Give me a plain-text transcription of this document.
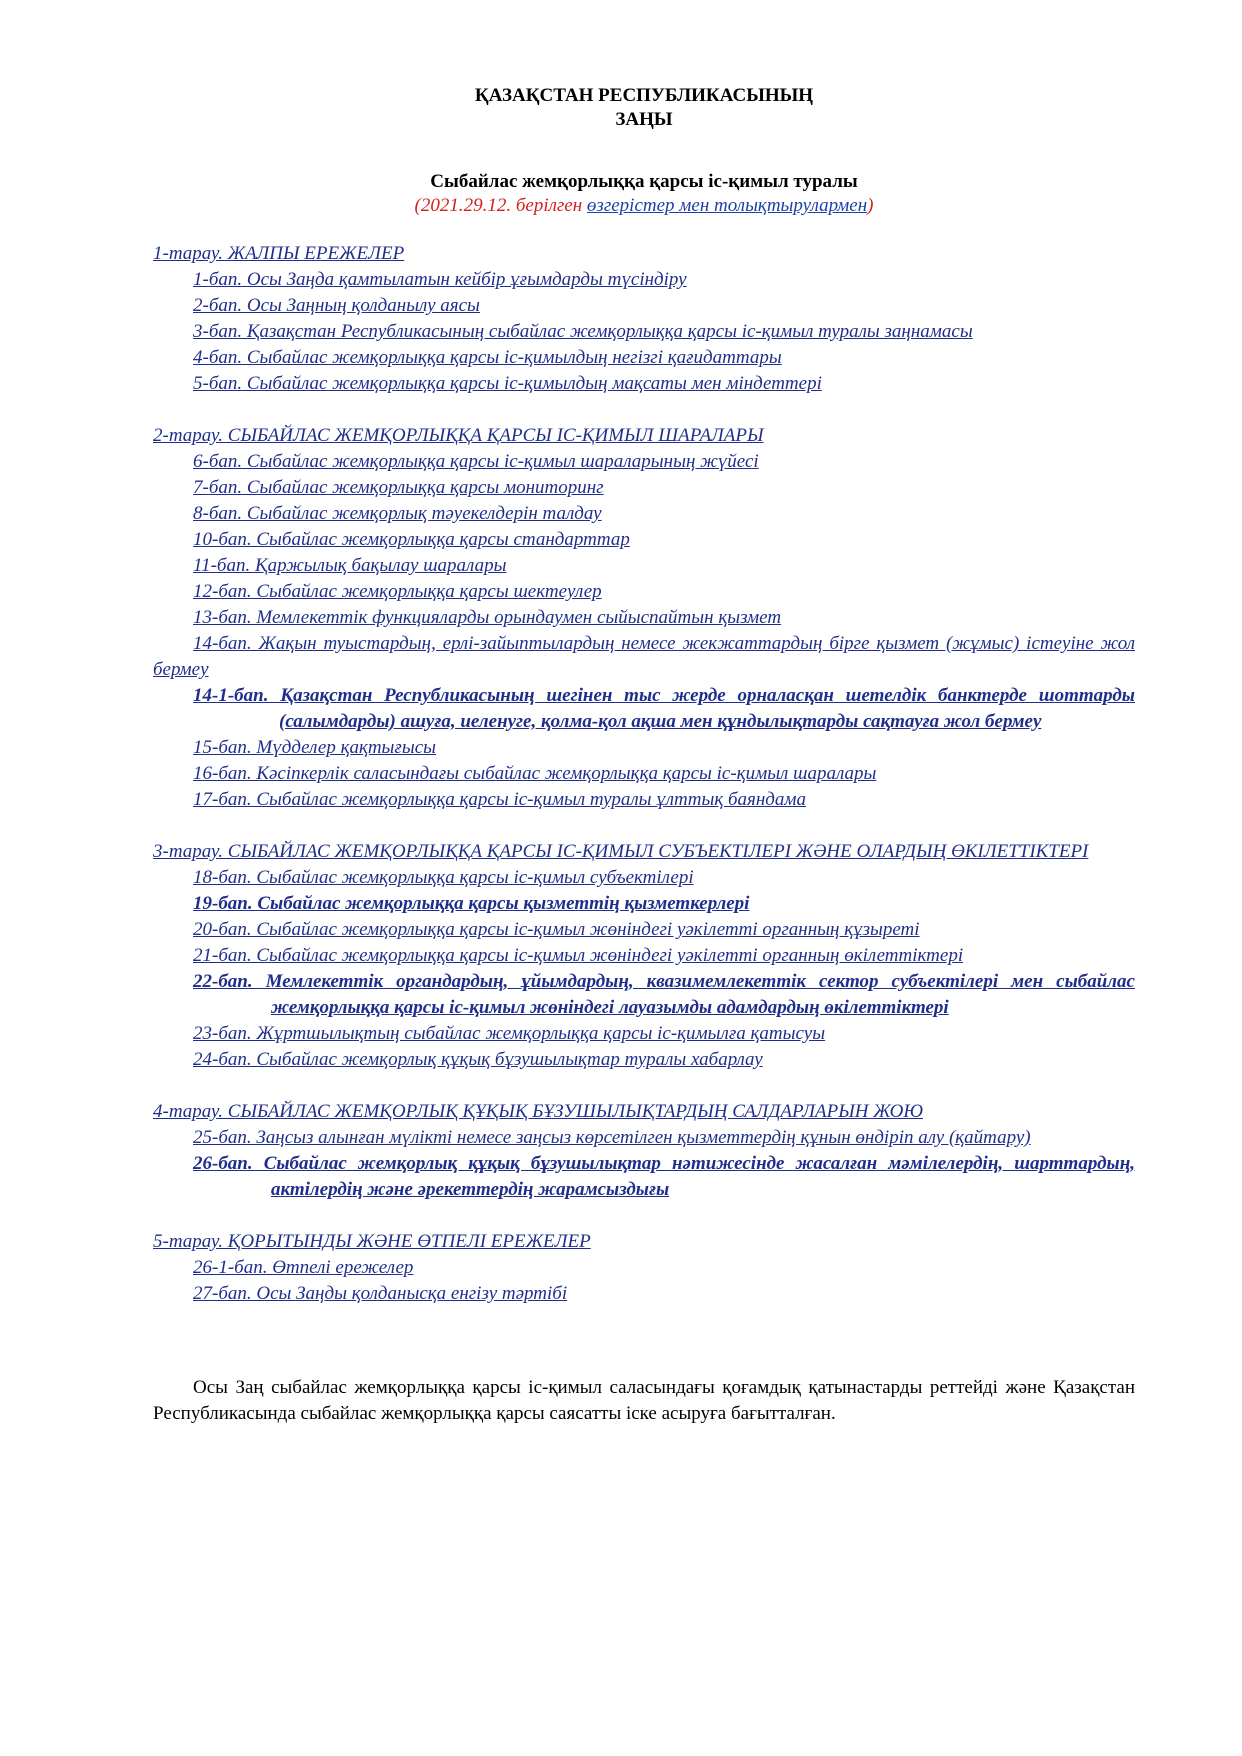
ҚАЗАҚСТАН РЕСПУБЛИКАСЫНЫҢ

ЗАҢЫ

Сыбайлас жемқорлыққа қарсы іс-қимыл туралы
(2021.29.12. берілген өзгерістер мен толықтырулармен)
1-тарау. ЖАЛПЫ ЕРЕЖЕЛЕР
1-бап. Осы Заңда қамтылатын кейбір ұғымдарды түсіндіру
2-бап. Осы Заңның қолданылу аясы
3-бап. Қазақстан Республикасының сыбайлас жемқорлыққа қарсы іс-қимыл туралы заңнамасы
4-бап. Сыбайлас жемқорлыққа қарсы іс-қимылдың негізгі қағидаттары
5-бап. Сыбайлас жемқорлыққа қарсы іс-қимылдың мақсаты мен міндеттері
2-тарау. СЫБАЙЛАС ЖЕМҚОРЛЫҚҚА ҚАРСЫ ІС-ҚИМЫЛ ШАРАЛАРЫ
6-бап. Сыбайлас жемқорлыққа қарсы іс-қимыл шараларының жүйесі
7-бап. Сыбайлас жемқорлыққа қарсы мониторинг
8-бап. Сыбайлас жемқорлық тәуекелдерін талдау
10-бап. Сыбайлас жемқорлыққа қарсы стандарттар
11-бап. Қаржылық бақылау шаралары
12-бап. Сыбайлас жемқорлыққа қарсы шектеулер
13-бап. Мемлекеттік функцияларды орындаумен сыйыспайтын қызмет
14-бап. Жақын туыстардың, ерлі-зайыптылардың немесе жекжаттардың бірге қызмет (жұмыс) істеуіне жол бермеу
14-1-бап. Қазақстан Республикасының шегінен тыс жерде орналасқан шетелдік банктерде шоттарды (салымдарды) ашуға, иеленуге, қолма-қол ақша мен құндылықтарды сақтауға жол бермеу
15-бап. Мүдделер қақтығысы
16-бап. Кәсіпкерлік саласындағы сыбайлас жемқорлыққа қарсы іс-қимыл шаралары
17-бап. Сыбайлас жемқорлыққа қарсы іс-қимыл туралы ұлттық баяндама
3-тарау. СЫБАЙЛАС ЖЕМҚОРЛЫҚҚА ҚАРСЫ ІС-ҚИМЫЛ СУБЪЕКТІЛЕРІ ЖӘНЕ ОЛАРДЫҢ ӨКІЛЕТТІКТЕРІ
18-бап. Сыбайлас жемқорлыққа қарсы іс-қимыл субъектілері
19-бап. Сыбайлас жемқорлыққа қарсы қызметтің қызметкерлері
20-бап. Сыбайлас жемқорлыққа қарсы іс-қимыл жөніндегі уәкілетті органның құзыреті
21-бап. Сыбайлас жемқорлыққа қарсы іс-қимыл жөніндегі уәкілетті органның өкілеттіктері
22-бап. Мемлекеттік органдардың, ұйымдардың, квазимемлекеттік сектор субъектілері мен сыбайлас жемқорлыққа қарсы іс-қимыл жөніндегі лауазымды адамдардың өкілеттіктері
23-бап. Жұртшылықтың сыбайлас жемқорлыққа қарсы іс-қимылға қатысуы
24-бап. Сыбайлас жемқорлық құқық бұзушылықтар туралы хабарлау
4-тарау. СЫБАЙЛАС ЖЕМҚОРЛЫҚ ҚҰҚЫҚ БҰЗУШЫЛЫҚТАРДЫҢ САЛДАРЛАРЫН ЖОЮ
25-бап. Заңсыз алынған мүлікті немесе заңсыз көрсетілген қызметтердің құнын өндіріп алу (қайтару)
26-бап. Сыбайлас жемқорлық құқық бұзушылықтар нәтижесінде жасалған мәмілелердің, шарттардың, актілердің және әрекеттердің жарамсыздығы
5-тарау. ҚОРЫТЫНДЫ ЖӘНЕ ӨТПЕЛІ ЕРЕЖЕЛЕР
26-1-бап. Өтпелі ережелер
27-бап. Осы Заңды қолданысқа енгізу тәртібі
Осы Заң сыбайлас жемқорлыққа қарсы іс-қимыл саласындағы қоғамдық қатынастарды реттейді және Қазақстан Республикасында сыбайлас жемқорлыққа қарсы саясатты іске асыруға бағытталған.
